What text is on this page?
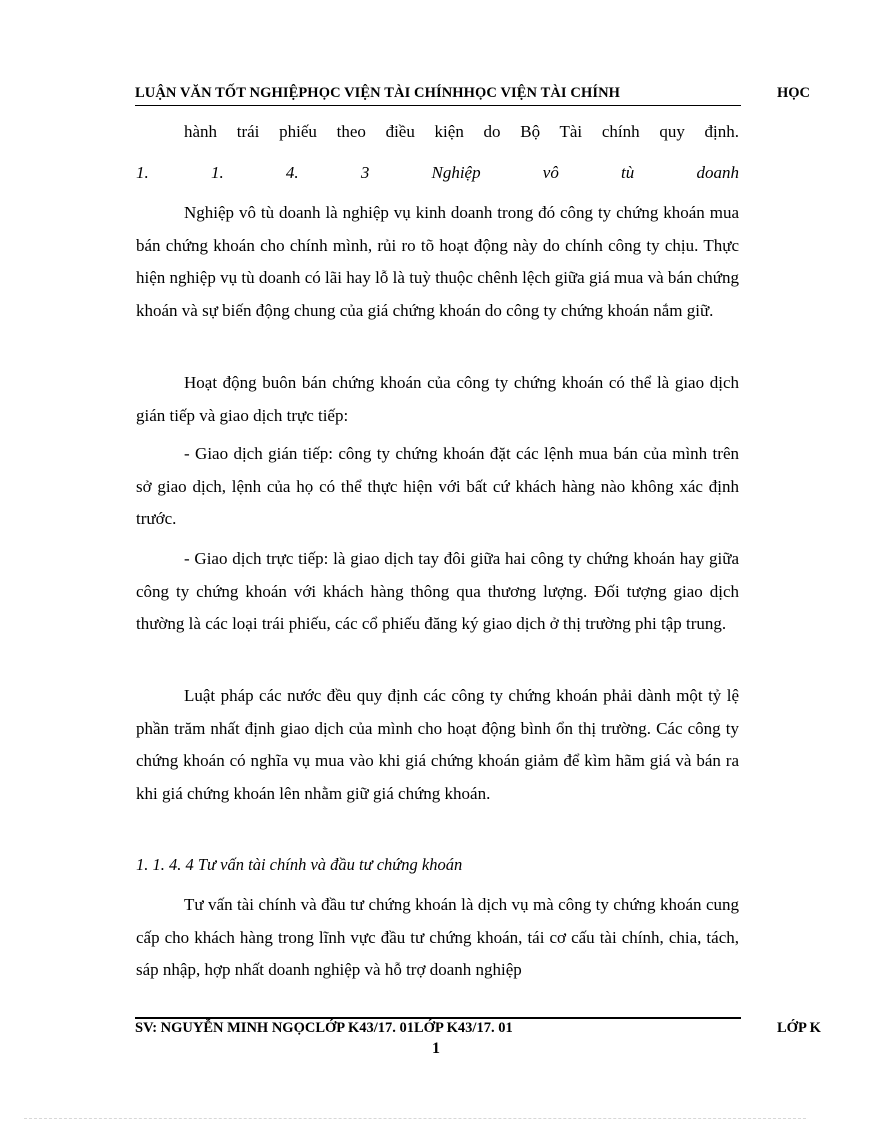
LUẬN VĂN TỐT NGHIỆPHỌC VIỆN TÀI CHÍNHHỌC VIỆN TÀI CHÍNH	HỌC

hành trái phiếu theo điều kiện do Bộ Tài chính quy định.

1.	1.	4.	3	Nghiệp	vô	tù	doanh

Nghiệp vô tù doanh là nghiệp vụ kinh doanh trong đó công ty chứng khoán mua bán chứng khoán cho chính mình, rủi ro tõ hoạt động này do chính công ty chịu. Thực hiện nghiệp vụ tù doanh có lãi hay lỗ là tuỳ thuộc chênh lệch giữa giá mua và bán chứng khoán và sự biến động chung của giá chứng khoán do công ty chứng khoán nắm giữ.

Hoạt động buôn bán chứng khoán của công ty chứng khoán có thể là giao dịch gián tiếp và giao dịch trực tiếp:

- Giao dịch gián tiếp: công ty chứng khoán đặt các lệnh mua bán của mình trên sở giao dịch, lệnh của họ có thể thực hiện với bất cứ khách hàng nào không xác định trước.

- Giao dịch trực tiếp: là giao dịch tay đôi giữa hai công ty chứng khoán hay giữa công ty chứng khoán với khách hàng thông qua thương lượng. Đối tượng giao dịch thường là các loại trái phiếu, các cổ phiếu đăng ký giao dịch ở thị trường phi tập trung.

Luật pháp các nước đều quy định các công ty chứng khoán phải dành một tỷ lệ phần trăm nhất định giao dịch của mình cho hoạt động bình ổn thị trường. Các công ty chứng khoán có nghĩa vụ mua vào khi giá chứng khoán giảm để kìm hãm giá và bán ra khi giá chứng khoán lên nhằm giữ giá chứng khoán.

1. 1. 4. 4 Tư vấn tài chính và đầu tư chứng khoán

Tư vấn tài chính và đầu tư chứng khoán là dịch vụ mà công ty chứng khoán cung cấp cho khách hàng trong lĩnh vực đầu tư chứng khoán, tái cơ cấu tài chính, chia, tách, sáp nhập, hợp nhất doanh nghiệp và hỗ trợ doanh nghiệp

SV: NGUYỄN MINH NGỌCLỚP K43/17. 01LỚP K43/17. 01	LỚP K
1
